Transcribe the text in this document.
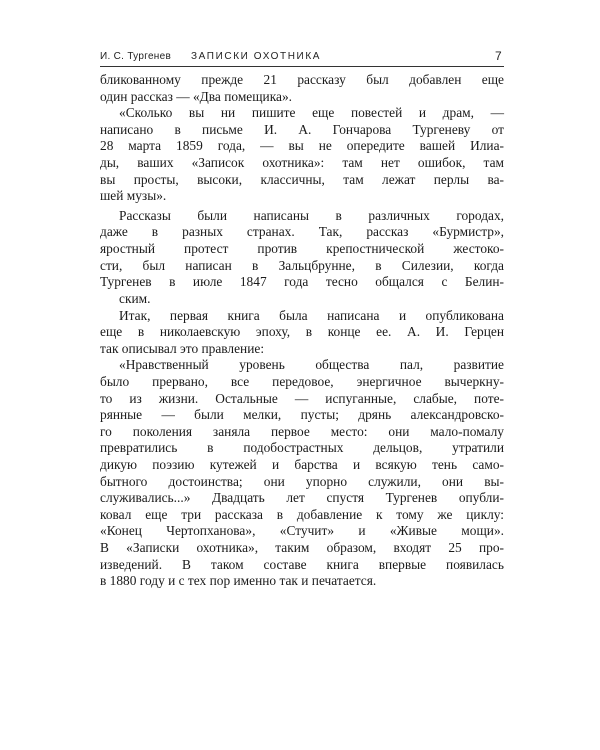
И. С. Тургенев ЗАПИСКИ ОХОТНИКА	7

бликованному прежде 21 рассказу был добавлен еще
один рассказ — «Два помещика».

«Сколько вы ни пишите еще повестей и драм, —
написано в письме И. А. Гончарова Тургеневу от
28 марта 1859 года, — вы не опередите вашей Илиа-
ды, ваших «Записок охотника»: там нет ошибок, там
вы просты, высоки, классичны, там лежат перлы ва-
шей музы».

Рассказы были написаны в различных городах,
даже в разных странах. Так, рассказ «Бурмистр»,
яростный протест против крепостнической жестоко-
сти, был написан в Зальцбрунне, в Силезии, когда
Тургенев в июле 1847 года тесно общался с Белин-
ским.

Итак, первая книга была написана и опубликована
еще в николаевскую эпоху, в конце ее. А. И. Герцен
так описывал это правление:

«Нравственный уровень общества пал, развитие
было прервано, все передовое, энергичное вычеркну-
то из жизни. Остальные — испуганные, слабые, поте-
рянные — были мелки, пусты; дрянь александровско-
го поколения заняла первое место: они мало-помалу
превратились в подобострастных дельцов, утратили
дикую поэзию кутежей и барства и всякую тень само-
бытного достоинства; они упорно служили, они вы-
служивались...» Двадцать лет спустя Тургенев опубли-
ковал еще три рассказа в добавление к тому же циклу:
«Конец Чертопханова», «Стучит» и «Живые мощи».
В «Записки охотника», таким образом, входят 25 про-
изведений. В таком составе книга впервые появилась
в 1880 году и с тех пор именно так и печатается.
